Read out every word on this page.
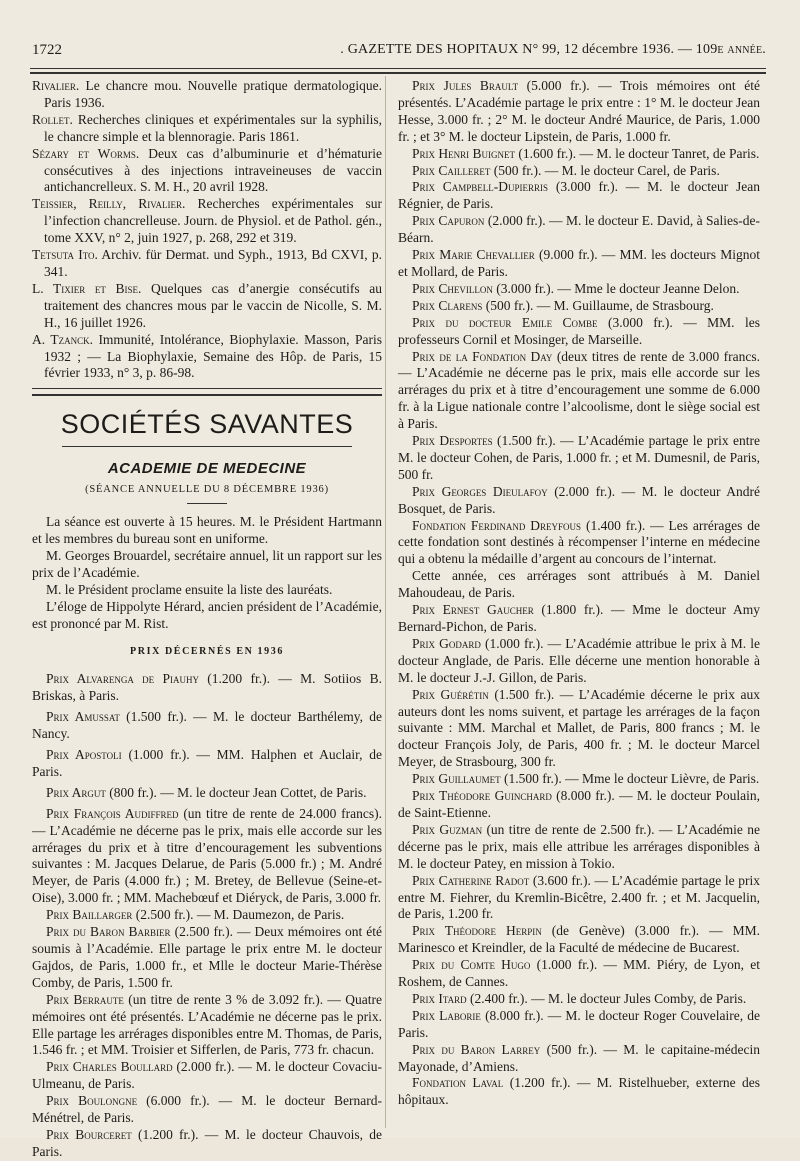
1722	. GAZETTE DES HOPITAUX N° 99, 12 décembre 1936. — 109e année.

Rivalier. Le chancre mou. Nouvelle pratique dermatologique. Paris 1936.

Rollet. Recherches cliniques et expérimentales sur la syphilis, le chancre simple et la blennoragie. Paris 1861.

Sézary et Worms. Deux cas d’albuminurie et d’hématurie consécutives à des injections intraveineuses de vaccin antichancrelleux. S. M. H., 20 avril 1928.

Teissier, Reilly, Rivalier. Recherches expérimentales sur l’infection chancrelleuse. Journ. de Physiol. et de Pathol. gén., tome XXV, n° 2, juin 1927, p. 268, 292 et 319.

Tetsuta Ito. Archiv. für Dermat. und Syph., 1913, Bd CXVI, p. 341.

L. Tixier et Bise. Quelques cas d’anergie consécutifs au traitement des chancres mous par le vaccin de Nicolle, S. M. H., 16 juillet 1926.

A. Tzanck. Immunité, Intolérance, Biophylaxie. Masson, Paris 1932 ; — La Biophylaxie, Semaine des Hôp. de Paris, 15 février 1933, n° 3, p. 86-98.

SOCIÉTÉS SAVANTES
ACADEMIE DE MEDECINE
(SÉANCE ANNUELLE DU 8 DÉCEMBRE 1936)

La séance est ouverte à 15 heures. M. le Président Hartmann et les membres du bureau sont en uniforme.

M. Georges Brouardel, secrétaire annuel, lit un rapport sur les prix de l’Académie.

M. le Président proclame ensuite la liste des lauréats.

L’éloge de Hippolyte Hérard, ancien président de l’Académie, est prononcé par M. Rist.

PRIX DÉCERNÉS EN 1936

Prix Alvarenga de Piauhy (1.200 fr.). — M. Sotiios B. Briskas, à Paris.

Prix Amussat (1.500 fr.). — M. le docteur Barthélemy, de Nancy.

Prix Apostoli (1.000 fr.). — MM. Halphen et Auclair, de Paris.

Prix Argut (800 fr.). — M. le docteur Jean Cottet, de Paris.

Prix François Audiffred (un titre de rente de 24.000 francs). — L’Académie ne décerne pas le prix, mais elle accorde sur les arrérages du prix et à titre d’encouragement les subventions suivantes : M. Jacques Delarue, de Paris (5.000 fr.) ; M. André Meyer, de Paris (4.000 fr.) ; M. Bretey, de Bellevue (Seine-et-Oise), 3.000 fr. ; MM. Machebœuf et Diéryck, de Paris, 3.000 fr.

Prix Baillarger (2.500 fr.). — M. Daumezon, de Paris.

Prix du Baron Barbier (2.500 fr.). — Deux mémoires ont été soumis à l’Académie. Elle partage le prix entre M. le docteur Gajdos, de Paris, 1.000 fr., et Mlle le docteur Marie-Thérèse Comby, de Paris, 1.500 fr.

Prix Berraute (un titre de rente 3 % de 3.092 fr.). — Quatre mémoires ont été présentés. L’Académie ne décerne pas le prix. Elle partage les arrérages disponibles entre M. Thomas, de Paris, 1.546 fr. ; et MM. Troisier et Sifferlen, de Paris, 773 fr. chacun.

Prix Charles Boullard (2.000 fr.). — M. le docteur Covaciu-Ulmeanu, de Paris.

Prix Boulongne (6.000 fr.). — M. le docteur Bernard-Ménétrel, de Paris.

Prix Bourceret (1.200 fr.). — M. le docteur Chauvois, de Paris.

Prix Jules Brault (5.000 fr.). — Trois mémoires ont été présentés. L’Académie partage le prix entre : 1° M. le docteur Jean Hesse, 3.000 fr. ; 2° M. le docteur André Maurice, de Paris, 1.000 fr. ; et 3° M. le docteur Lipstein, de Paris, 1.000 fr.

Prix Henri Buignet (1.600 fr.). — M. le docteur Tanret, de Paris.

Prix Cailleret (500 fr.). — M. le docteur Carel, de Paris.

Prix Campbell-Dupierris (3.000 fr.). — M. le docteur Jean Régnier, de Paris.

Prix Capuron (2.000 fr.). — M. le docteur E. David, à Salies-de-Béarn.

Prix Marie Chevallier (9.000 fr.). — MM. les docteurs Mignot et Mollard, de Paris.

Prix Chevillon (3.000 fr.). — Mme le docteur Jeanne Delon.

Prix Clarens (500 fr.). — M. Guillaume, de Strasbourg.

Prix du docteur Emile Combe (3.000 fr.). — MM. les professeurs Cornil et Mosinger, de Marseille.

Prix de la Fondation Day (deux titres de rente de 3.000 francs. — L’Académie ne décerne pas le prix, mais elle accorde sur les arrérages du prix et à titre d’encouragement une somme de 6.000 fr. à la Ligue nationale contre l’alcoolisme, dont le siège social est à Paris.

Prix Desportes (1.500 fr.). — L’Académie partage le prix entre M. le docteur Cohen, de Paris, 1.000 fr. ; et M. Dumesnil, de Paris, 500 fr.

Prix Georges Dieulafoy (2.000 fr.). — M. le docteur André Bosquet, de Paris.

Fondation Ferdinand Dreyfous (1.400 fr.). — Les arrérages de cette fondation sont destinés à récompenser l’interne en médecine qui a obtenu la médaille d’argent au concours de l’internat.

Cette année, ces arrérages sont attribués à M. Daniel Mahoudeau, de Paris.

Prix Ernest Gaucher (1.800 fr.). — Mme le docteur Amy Bernard-Pichon, de Paris.

Prix Godard (1.000 fr.). — L’Académie attribue le prix à M. le docteur Anglade, de Paris. Elle décerne une mention honorable à M. le docteur J.-J. Gillon, de Paris.

Prix Guérétin (1.500 fr.). — L’Académie décerne le prix aux auteurs dont les noms suivent, et partage les arrérages de la façon suivante : MM. Marchal et Mallet, de Paris, 800 francs ; M. le docteur François Joly, de Paris, 400 fr. ; M. le docteur Marcel Meyer, de Strasbourg, 300 fr.

Prix Guillaumet (1.500 fr.). — Mme le docteur Lièvre, de Paris.

Prix Théodore Guinchard (8.000 fr.). — M. le docteur Poulain, de Saint-Etienne.

Prix Guzman (un titre de rente de 2.500 fr.). — L’Académie ne décerne pas le prix, mais elle attribue les arrérages disponibles à M. le docteur Patey, en mission à Tokio.

Prix Catherine Radot (3.600 fr.). — L’Académie partage le prix entre M. Fiehrer, du Kremlin-Bicêtre, 2.400 fr. ; et M. Jacquelin, de Paris, 1.200 fr.

Prix Théodore Herpin (de Genève) (3.000 fr.). — MM. Marinesco et Kreindler, de la Faculté de médecine de Bucarest.

Prix du Comte Hugo (1.000 fr.). — MM. Piéry, de Lyon, et Roshem, de Cannes.

Prix Itard (2.400 fr.). — M. le docteur Jules Comby, de Paris.

Prix Laborie (8.000 fr.). — M. le docteur Roger Couvelaire, de Paris.

Prix du Baron Larrey (500 fr.). — M. le capitaine-médecin Mayonade, d’Amiens.

Fondation Laval (1.200 fr.). — M. Ristelhueber, externe des hôpitaux.
